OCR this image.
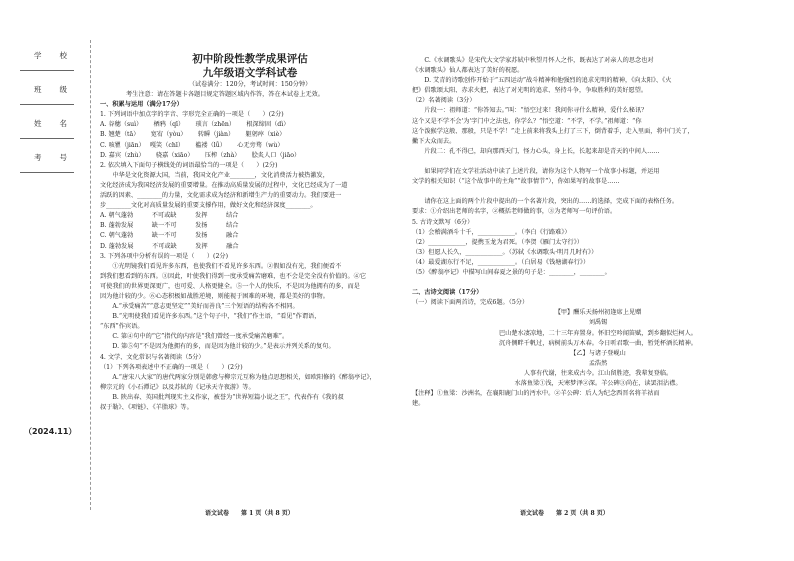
学　　校
班　　级
姓　　名
考　　号
（2024.11）
初中阶段性教学成果评估
九年级语文学科试卷
（试卷满分：120分，考试时间：150分钟）

考生注意：请在答题卡各题目规定答题区域内作答，答在本试卷上无效。

一、积累与运用（满分17分）

1. 下列词语中加点字的字音、字形完全正确的一项是（　　）(2分)

A. 谷穗（suì）　　 栖鸦（qī）　　 琐言（zhēn）　　 根深缔固（dì）

B. 翘楚（tā）　　 宽宥（yòu）　　 转瞬（jiàn）　　 躯躬瘁（xiè）

C. 咳瞿（jiān）　 嘎笑（chī）　　 褴褛（lǚ）　　 心无旁骛（wù）

D. 嘉宾（zhù）　　 骁嘉（xiāo）　　 压榨（zhà）　　 脍炙人口（jiāo）

2. 依次填入下面句子横线处的词语最恰当的一项是（　　）(2分)

　　中华是文化资源大国，当前，我国文化产业________，文化消费活力被热激发，

文化经济成为我国经济发展的重要增量。在推动高质量发展的过程中，文化已经成为了一道

活跃的因素、________的力量，文化需求成为经济和新增生产力的重要动力。我们要进一

步________文化对高质量发展的重要支撑作用，做好文化和经济深度________。

A. 朝气蓬勃　　　不可或缺　　　发挥　　　结合

B. 蓬勃发展　　　缺一不可　　　发扬　　　结合

C. 朝气蓬勃　　　缺一不可　　　发扬　　　融合

D. 蓬勃发展　　　不可或缺　　　发挥　　　融合

3. 下列各项中分析有误的一项是（　　）(2分)

　　①光明镜我们看见许多东西，也使我们不看见许多东西。②假如没有光，我们便看不

到我们想看到的东西。③因此，叶使我们得到一度承受痛苦磨难，也不会是完全没有价值的。④它

可使我们的世界更深更广，也可爱、人格更健全。⑤一个人的快乐，不是因为他拥有的多，而是

因为他计较的少。⑥心态积极如战胜逆境，则能视于困难的环境，都是美好的事物。

　　A.“承受痛苦”“意志更坚定”“美好而善良”三个短语的结构各不相同。

　　B.“光明使我们看见许多东西。”这个句子中，“我们”作主语，“看见”作谓语，

“东西”作宾语。

　　C. 第④句中的“它”指代的内容是“我们曾经一度承受痛苦磨难”。

　　D. 第⑤句“不是因为他拥有的多，而是因为他计较的少。”是表示并列关系的复句。

4. 文学、文化常识与名著阅读（5分）

（1）下列各项表述中不正确的一项是（　　）(2分)

　　A.“唐宋八大家”的唐代两家分别是韩愈与柳宗元互称为他点思想相关，如欧阳修的《醉翁亭记》，

柳宗元的《小石潭记》以及苏轼的《记承天寺夜游》等。

　　B. 陕出春、英国批判现实主义作家，被誉为“世界短篇小说之王”，代表作有《我的叔

叔于勒》、《项链》、《羊脂球》等。

　　C.《水调歌头》是宋代大文学家苏轼中秋望月怀人之作，既表达了对亲人的思念也对

《水调歌头》仙人都表达了美好的祝愿。

　　D. 艾青的诗歌创作开始于“五四运动”战斗精神和他强烈的追求光明的精神，《向太阳》、《火

把》倡歌颂太阳、赤求火把，表达了对光明的追求、坚持斗争，争取胜利的美好愿望。

（2）名著阅读（3分）

　　片段一：祖师道：“你答知去。”叫：“悟空过来！我问你寻什么精神，爱什么秘讯？

这个又是不学不会'为'字门中之法也，你学么？”悟空道：“不学，不学。”祖师道：“你

这个泼猴学这般、那般，只是不学！”走上前来将我头上打了三下，倒背着手，走入里面，将中门关了，

撇下大众而去。

　　片段二：孔不得已，却向那西天门，怪力心头，身上长，长起来却是青天的中间人……

　　如果同学们在文学社活动中读了上述片段，请你为这个人物写一个故事小标题，并运用

文学的相关知识（“这个故事中的主角”“故事情节”），你如果写的故事是……

　　请你在这上面的两个片段中提出的一个名著片段，突出的……的选择，完成下面的表格任务。

要求：①介绍出老师的名字，②概括老师做的事，③为老师写一句评价语。

5. 古诗文默写（6分）

（1）会稽满酒斗十千，____________。（李白《行路难》）

（2）____________，提携玉龙为君死。（李贺《雁门太守行》）

（3）但愿人长久，____________。（苏轼《水调歌头·明月几时有》）

（4）最爱湖东行不足，____________。（白居易《钱塘湖春行》）

（5）《醉翁亭记》中描写山间春夏之景的句子是：________，________。

二、古诗文阅读（17分）

（一）阅读下面两首诗，完成6题。（5分）

【甲】酬乐天扬州初逢席上见赠

刘禹锡

巴山楚水凄凉地，二十三年弃置身。怀旧空吟闻笛赋，到乡翻似烂柯人。

沉舟侧畔千帆过，病树前头万木春。今日听君歌一曲，暂凭杯酒长精神。

【乙】与诸子登岘山

孟浩然

人事有代谢，往来成古今。江山留胜迹，我辈复登临。

水落鱼梁①浅，天寒梦泽②深。羊公碑③尚在，读罢泪沾襟。

【注释】①鱼梁：沙洲名，在襄阳鹿门山的沔水中。②羊公碑：后人为纪念西晋名将羊祜而

建。

语文试卷　　第 1 页（共 8 页）	语文试卷　　第 2 页（共 8 页）
